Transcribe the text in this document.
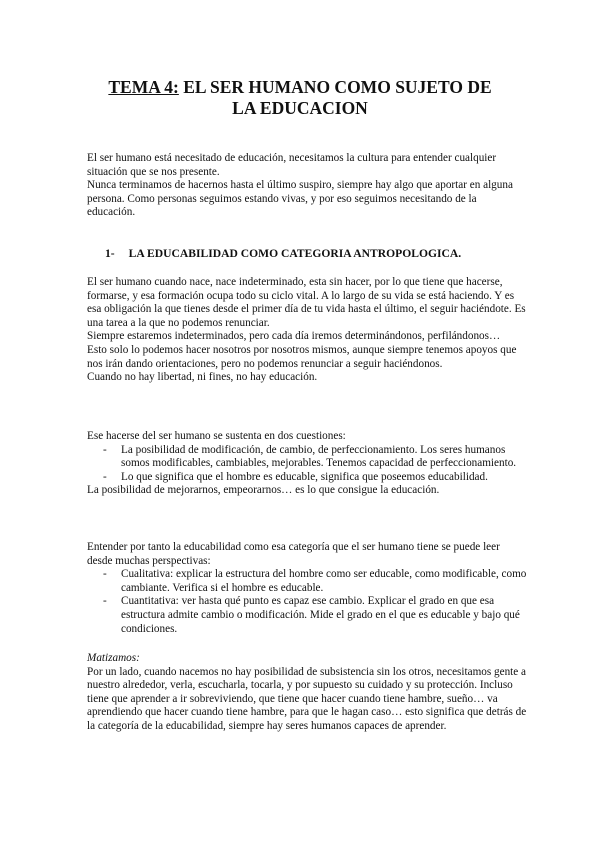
TEMA 4: EL SER HUMANO COMO SUJETO DE
LA EDUCACION

El ser humano está necesitado de educación, necesitamos la cultura para entender cualquier situación que se nos presente.

Nunca terminamos de hacernos hasta el último suspiro, siempre hay algo que aportar en alguna persona. Como personas seguimos estando vivas, y por eso seguimos necesitando de la educación.

1- LA EDUCABILIDAD COMO CATEGORIA ANTROPOLOGICA.

El ser humano cuando nace, nace indeterminado, esta sin hacer, por lo que tiene que hacerse, formarse, y esa formación ocupa todo su ciclo vital. A lo largo de su vida se está haciendo. Y es esa obligación la que tienes desde el primer día de tu vida hasta el último, el seguir haciéndote. Es una tarea a la que no podemos renunciar.

Siempre estaremos indeterminados, pero cada día iremos determinándonos, perfilándonos…

Esto solo lo podemos hacer nosotros por nosotros mismos, aunque siempre tenemos apoyos que nos irán dando orientaciones, pero no podemos renunciar a seguir haciéndonos.

Cuando no hay libertad, ni fines, no hay educación.

Ese hacerse del ser humano se sustenta en dos cuestiones:

- La posibilidad de modificación, de cambio, de perfeccionamiento. Los seres humanos somos modificables, cambiables, mejorables. Tenemos capacidad de perfeccionamiento.
- Lo que significa que el hombre es educable, significa que poseemos educabilidad.

La posibilidad de mejorarnos, empeorarnos… es lo que consigue la educación.

Entender por tanto la educabilidad como esa categoría que el ser humano tiene se puede leer desde muchas perspectivas:

- Cualitativa: explicar la estructura del hombre como ser educable, como modificable, como cambiante. Verifica si el hombre es educable.
- Cuantitativa: ver hasta qué punto es capaz ese cambio. Explicar el grado en que esa estructura admite cambio o modificación. Mide el grado en el que es educable y bajo qué condiciones.

Matizamos:

Por un lado, cuando nacemos no hay posibilidad de subsistencia sin los otros, necesitamos gente a nuestro alrededor, verla, escucharla, tocarla, y por supuesto su cuidado y su protección. Incluso tiene que aprender a ir sobreviviendo, que tiene que hacer cuando tiene hambre, sueño… va aprendiendo que hacer cuando tiene hambre, para que le hagan caso… esto significa que detrás de la categoría de la educabilidad, siempre hay seres humanos capaces de aprender.
